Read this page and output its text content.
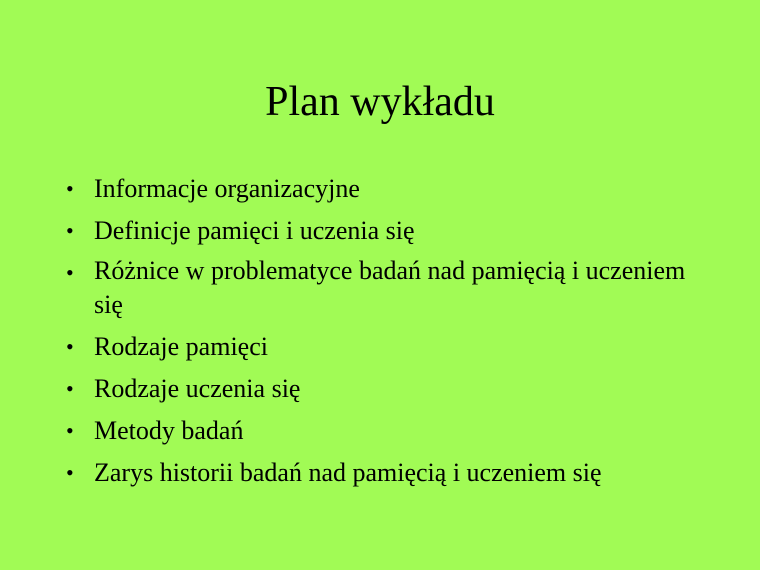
Plan wykładu
• Informacje organizacyjne
• Definicje pamięci i uczenia się
• Różnice w problematyce badań nad pamięcią i uczeniem się
• Rodzaje pamięci
• Rodzaje uczenia się
• Metody badań
• Zarys historii badań nad pamięcią i uczeniem się
